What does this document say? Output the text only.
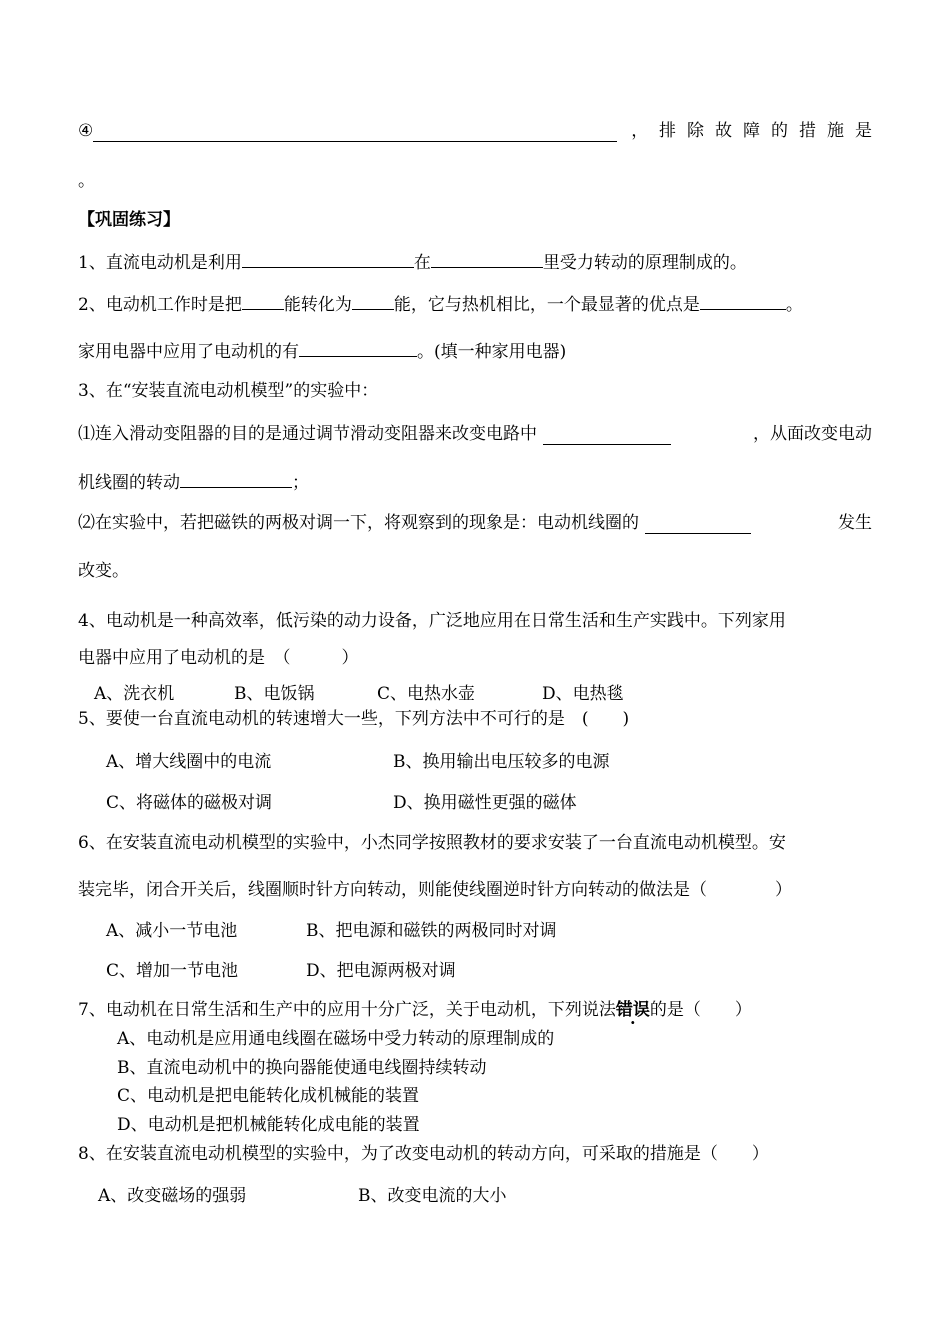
④	， 排除故障的措施是
。
【巩固练习】
1、直流电动机是利用	在	里受力转动的原理制成的。
2、电动机工作时是把 能转化为 能，它与热机相比，一个最显著的优点是	。
家用电器中应用了电动机的有	。(填一种家用电器)
3、在“安装直流电动机模型”的实验中：
⑴连入滑动变阻器的目的是通过调节滑动变阻器来改变电路中	，从面改变电动
机线圈的转动	；
⑵在实验中，若把磁铁的两极对调一下，将观察到的现象是：电动机线圈的	发生
改变。
4、电动机是一种高效率，低污染的动力设备，广泛地应用在日常生活和生产实践中。下列家用
电器中应用了电动机的是　（　　　）
A、洗衣机	B、电饭锅	C、电热水壶	D、电热毯
5、要使一台直流电动机的转速增大一些，下列方法中不可行的是　(　　)
A、增大线圈中的电流	B、换用输出电压较多的电源
C、将磁体的磁极对调	D、换用磁性更强的磁体
6、在安装直流电动机模型的实验中，小杰同学按照教材的要求安装了一台直流电动机模型。安
装完毕，闭合开关后，线圈顺时针方向转动，则能使线圈逆时针方向转动的做法是（　　　　）
A、减小一节电池	B、把电源和磁铁的两极同时对调
C、增加一节电池	D、把电源两极对调
7、电动机在日常生活和生产中的应用十分广泛，关于电动机，下列说法错误的是（　　）
A、电动机是应用通电线圈在磁场中受力转动的原理制成的
B、直流电动机中的换向器能使通电线圈持续转动
C、电动机是把电能转化成机械能的装置
D、电动机是把机械能转化成电能的装置
8、在安装直流电动机模型的实验中，为了改变电动机的转动方向，可采取的措施是（　　）
A、改变磁场的强弱	B、改变电流的大小
